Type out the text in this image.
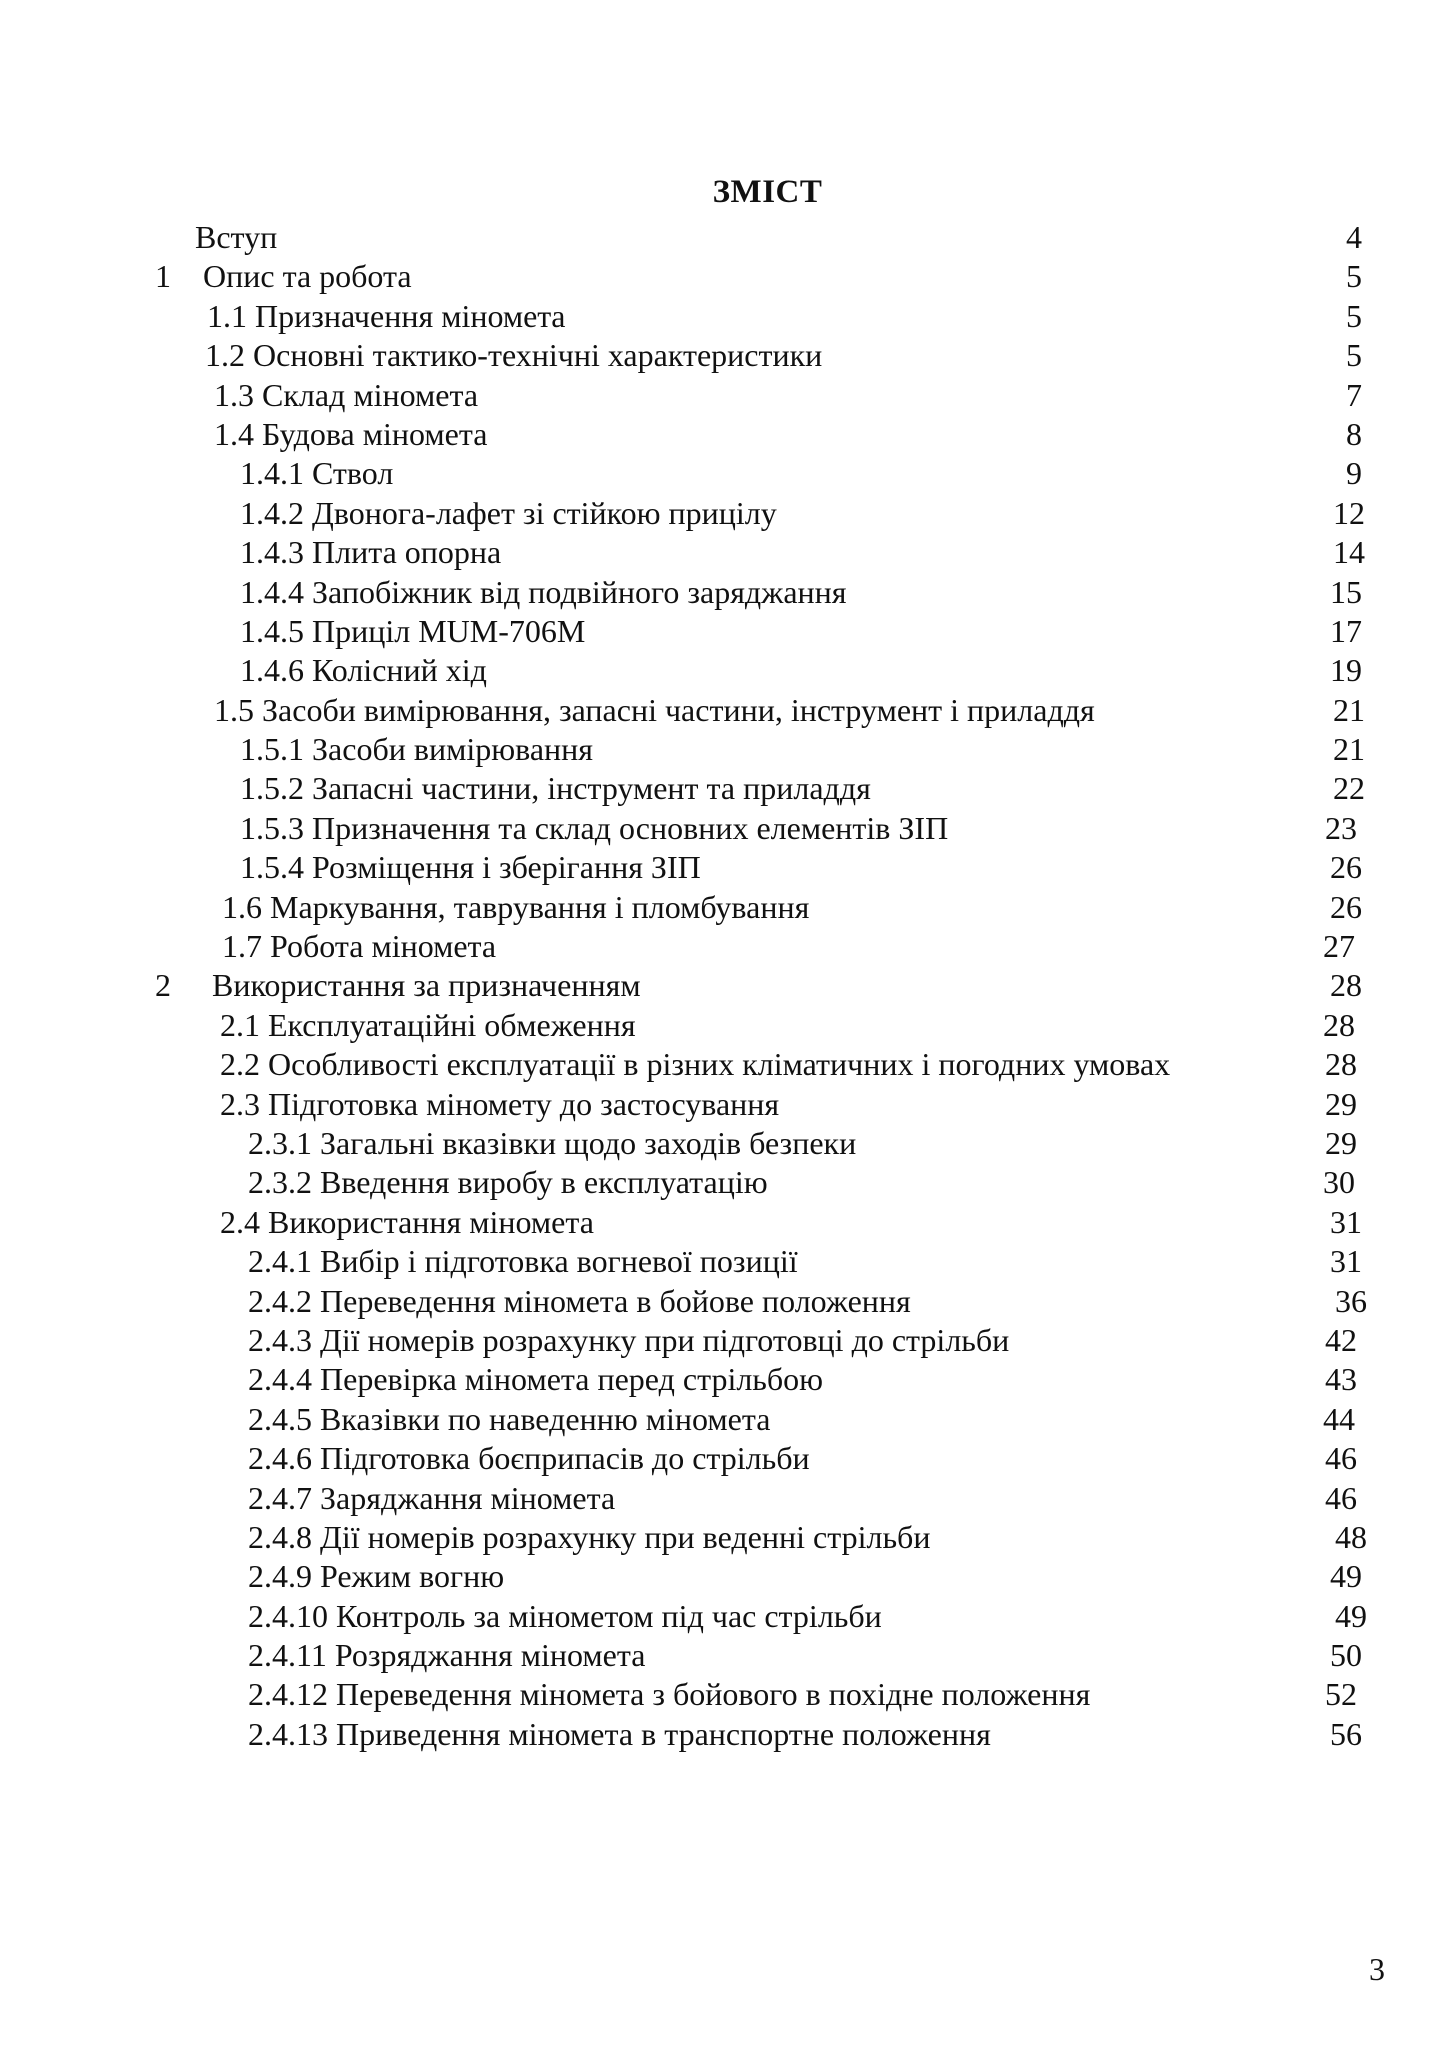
ЗМІСТ
Вступ	4
1 Опис та робота	5
1.1 Призначення мінометa	5
1.2 Основні тактико-технічні характеристики	5
1.3 Склад міномета	7
1.4 Будова міномета	8
1.4.1 Ствол	9
1.4.2 Двонога-лафет зі стійкою прицілу	12
1.4.3 Плита опорна	14
1.4.4 Запобіжник від подвійного заряджання	15
1.4.5 Приціл МUМ-706М	17
1.4.6 Колісний хід	19
1.5 Засоби вимірювання, запасні частини, інструмент і приладдя	21
1.5.1 Засоби вимірювання	21
1.5.2 Запасні частини, інструмент та приладдя	22
1.5.3 Призначення та склад основних елементів ЗІП	23
1.5.4 Розміщення і зберігання ЗІП	26
1.6 Маркування, таврування і пломбування	26
1.7 Робота міномета	27
2 Використання за призначенням	28
2.1 Експлуатаційні обмеження	28
2.2 Особливості експлуатації в різних кліматичних і погодних умовах	28
2.3 Підготовка міномету до застосування	29
2.3.1 Загальні вказівки щодо заходів безпеки	29
2.3.2 Введення виробу в експлуатацію	30
2.4 Використання міномета	31
2.4.1 Вибір і підготовка вогневої позиції	31
2.4.2 Переведення міномета в бойове положення	36
2.4.3 Дії номерів розрахунку при підготовці до стрільби	42
2.4.4 Перевірка міномета перед стрільбою	43
2.4.5 Вказівки по наведенню міномета	44
2.4.6 Підготовка боєприпасів до стрільби	46
2.4.7 Заряджання міномета	46
2.4.8 Дії номерів розрахунку при веденні стрільби	48
2.4.9 Режим вогню	49
2.4.10 Контроль за мінометом під час стрільби	49
2.4.11 Розряджання міномета	50
2.4.12 Переведення міномета з бойового в похідне положення	52
2.4.13 Приведення міномета в транспортне положення	56
3
